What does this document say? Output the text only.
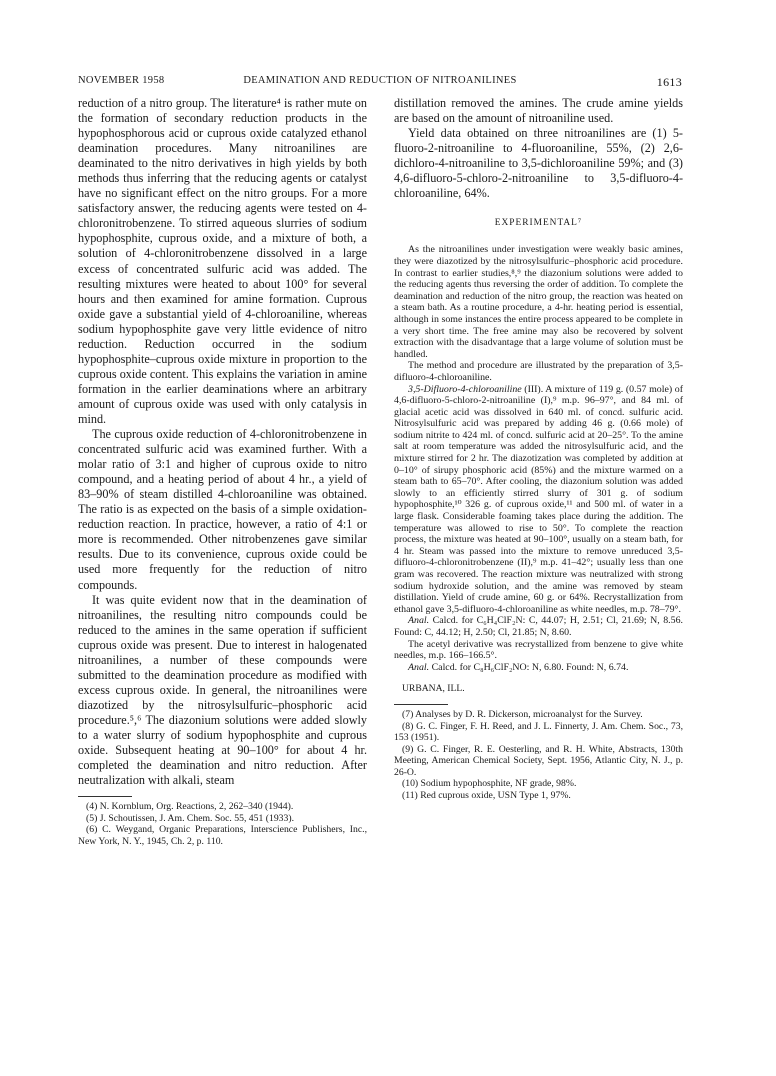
NOVEMBER 1958	DEAMINATION AND REDUCTION OF NITROANILINES	1613

reduction of a nitro group. The literature⁴ is rather mute on the formation of secondary reduction products in the hypophosphorous acid or cuprous oxide catalyzed ethanol deamination procedures. Many nitroanilines are deaminated to the nitro derivatives in high yields by both methods thus inferring that the reducing agents or catalyst have no significant effect on the nitro groups. For a more satisfactory answer, the reducing agents were tested on 4-chloronitrobenzene. To stirred aqueous slurries of sodium hypophosphite, cuprous oxide, and a mixture of both, a solution of 4-chloronitrobenzene dissolved in a large excess of concentrated sulfuric acid was added. The resulting mixtures were heated to about 100° for several hours and then examined for amine formation. Cuprous oxide gave a substantial yield of 4-chloroaniline, whereas sodium hypophosphite gave very little evidence of nitro reduction. Reduction occurred in the sodium hypophosphite–cuprous oxide mixture in proportion to the cuprous oxide content. This explains the variation in amine formation in the earlier deaminations where an arbitrary amount of cuprous oxide was used with only catalysis in mind.

The cuprous oxide reduction of 4-chloronitrobenzene in concentrated sulfuric acid was examined further. With a molar ratio of 3:1 and higher of cuprous oxide to nitro compound, and a heating period of about 4 hr., a yield of 83–90% of steam distilled 4-chloroaniline was obtained. The ratio is as expected on the basis of a simple oxidation-reduction reaction. In practice, however, a ratio of 4:1 or more is recommended. Other nitrobenzenes gave similar results. Due to its convenience, cuprous oxide could be used more frequently for the reduction of nitro compounds.

It was quite evident now that in the deamination of nitroanilines, the resulting nitro compounds could be reduced to the amines in the same operation if sufficient cuprous oxide was present. Due to interest in halogenated nitroanilines, a number of these compounds were submitted to the deamination procedure as modified with excess cuprous oxide. In general, the nitroanilines were diazotized by the nitrosylsulfuric–phosphoric acid procedure.⁵,⁶ The diazonium solutions were added slowly to a water slurry of sodium hypophosphite and cuprous oxide. Subsequent heating at 90–100° for about 4 hr. completed the deamination and nitro reduction. After neutralization with alkali, steam

(4) N. Kornblum, Org. Reactions, 2, 262–340 (1944).

(5) J. Schoutissen, J. Am. Chem. Soc. 55, 451 (1933).

(6) C. Weygand, Organic Preparations, Interscience Publishers, Inc., New York, N. Y., 1945, Ch. 2, p. 110.

distillation removed the amines. The crude amine yields are based on the amount of nitroaniline used.

Yield data obtained on three nitroanilines are (1) 5-fluoro-2-nitroaniline to 4-fluoroaniline, 55%, (2) 2,6-dichloro-4-nitroaniline to 3,5-dichloroaniline 59%; and (3) 4,6-difluoro-5-chloro-2-nitroaniline to 3,5-difluoro-4-chloroaniline, 64%.

EXPERIMENTAL⁷

As the nitroanilines under investigation were weakly basic amines, they were diazotized by the nitrosylsulfuric–phosphoric acid procedure. In contrast to earlier studies,⁸,⁹ the diazonium solutions were added to the reducing agents thus reversing the order of addition. To complete the deamination and reduction of the nitro group, the reaction was heated on a steam bath. As a routine procedure, a 4-hr. heating period is essential, although in some instances the entire process appeared to be complete in a very short time. The free amine may also be recovered by solvent extraction with the disadvantage that a large volume of solution must be handled.

The method and procedure are illustrated by the preparation of 3,5-difluoro-4-chloroaniline.

3,5-Difluoro-4-chloroaniline (III). A mixture of 119 g. (0.57 mole) of 4,6-difluoro-5-chloro-2-nitroaniline (I),⁹ m.p. 96–97°, and 84 ml. of glacial acetic acid was dissolved in 640 ml. of concd. sulfuric acid. Nitrosylsulfuric acid was prepared by adding 46 g. (0.66 mole) of sodium nitrite to 424 ml. of concd. sulfuric acid at 20–25°. To the amine salt at room temperature was added the nitrosylsulfuric acid, and the mixture stirred for 2 hr. The diazotization was completed by addition at 0–10° of sirupy phosphoric acid (85%) and the mixture warmed on a steam bath to 65–70°. After cooling, the diazonium solution was added slowly to an efficiently stirred slurry of 301 g. of sodium hypophosphite,¹⁰ 326 g. of cuprous oxide,¹¹ and 500 ml. of water in a large flask. Considerable foaming takes place during the addition. The temperature was allowed to rise to 50°. To complete the reaction process, the mixture was heated at 90–100°, usually on a steam bath, for 4 hr. Steam was passed into the mixture to remove unreduced 3,5-difluoro-4-chloronitrobenzene (II),⁹ m.p. 41–42°; usually less than one gram was recovered. The reaction mixture was neutralized with strong sodium hydroxide solution, and the amine was removed by steam distillation. Yield of crude amine, 60 g. or 64%. Recrystallization from ethanol gave 3,5-difluoro-4-chloroaniline as white needles, m.p. 78–79°.

Anal. Calcd. for C₆H₄ClF₂N: C, 44.07; H, 2.51; Cl, 21.69; N, 8.56. Found: C, 44.12; H, 2.50; Cl, 21.85; N, 8.60.

The acetyl derivative was recrystallized from benzene to give white needles, m.p. 166–166.5°.

Anal. Calcd. for C₈H₆ClF₂NO: N, 6.80. Found: N, 6.74.

URBANA, ILL.

(7) Analyses by D. R. Dickerson, microanalyst for the Survey.

(8) G. C. Finger, F. H. Reed, and J. L. Finnerty, J. Am. Chem. Soc., 73, 153 (1951).

(9) G. C. Finger, R. E. Oesterling, and R. H. White, Abstracts, 130th Meeting, American Chemical Society, Sept. 1956, Atlantic City, N. J., p. 26-O.

(10) Sodium hypophosphite, NF grade, 98%.

(11) Red cuprous oxide, USN Type 1, 97%.
